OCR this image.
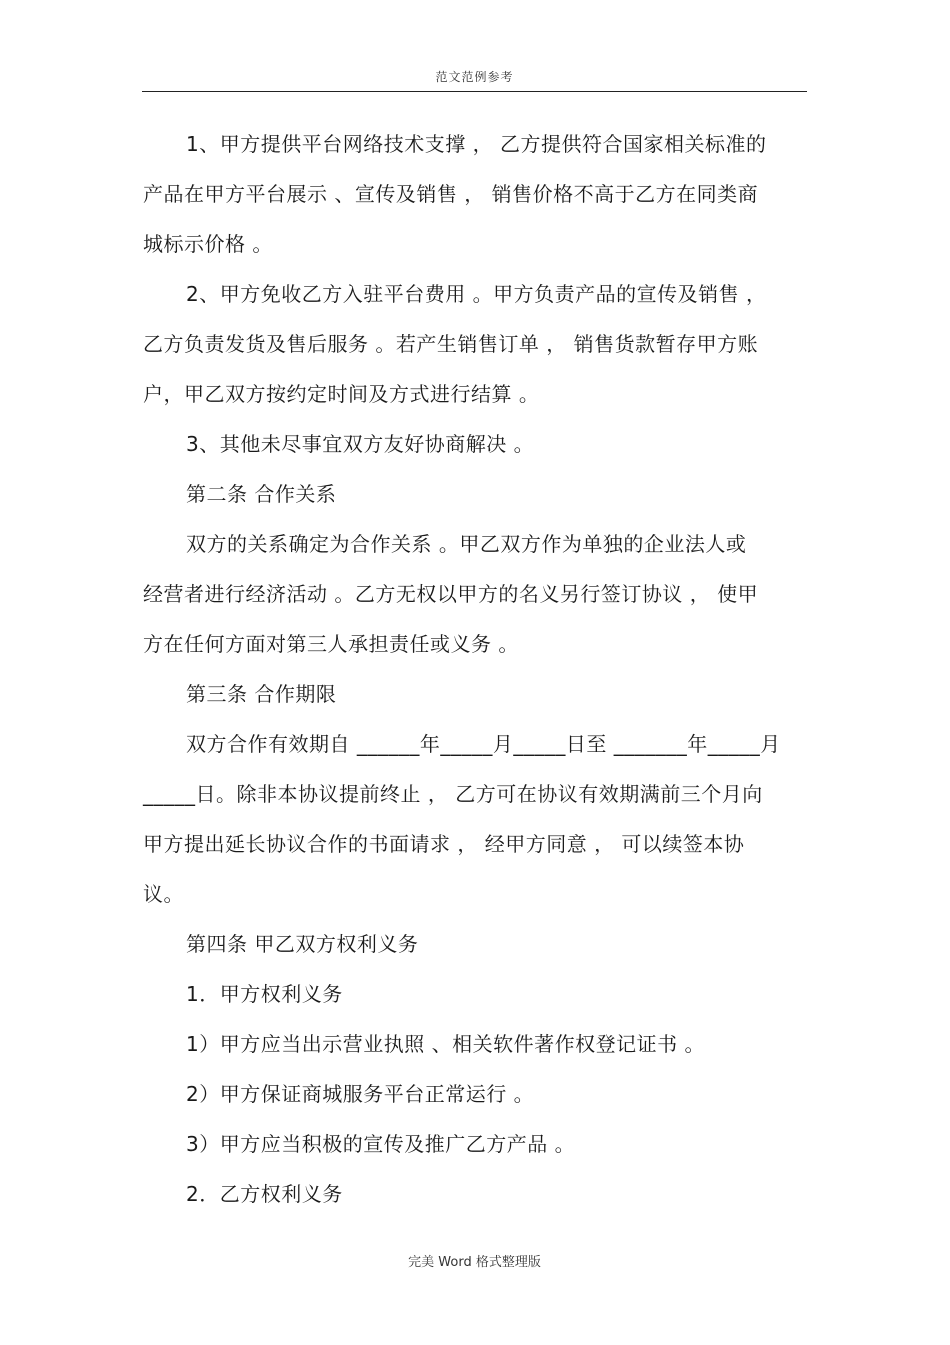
范文范例参考
1、甲方提供平台网络技术支撑 ， 乙方提供符合国家相关标准的
产品在甲方平台展示 、宣传及销售 ， 销售价格不高于乙方在同类商
城标示价格 。
2、甲方免收乙方入驻平台费用 。甲方负责产品的宣传及销售 ，
乙方负责发货及售后服务 。若产生销售订单 ， 销售货款暂存甲方账
户，甲乙双方按约定时间及方式进行结算 。
3、其他未尽事宜双方友好协商解决 。
第二条 合作关系
双方的关系确定为合作关系 。甲乙双方作为单独的企业法人或
经营者进行经济活动 。乙方无权以甲方的名义另行签订协议 ， 使甲
方在任何方面对第三人承担责任或义务 。
第三条 合作期限
双方合作有效期自 ______年_____月_____日至 _______年_____月
_____日。除非本协议提前终止 ， 乙方可在协议有效期满前三个月向
甲方提出延长协议合作的书面请求 ， 经甲方同意 ， 可以续签本协
议。
第四条 甲乙双方权利义务
1．甲方权利义务
1）甲方应当出示营业执照 、相关软件著作权登记证书 。
2）甲方保证商城服务平台正常运行 。
3）甲方应当积极的宣传及推广乙方产品 。
2．乙方权利义务
完美 Word 格式整理版
